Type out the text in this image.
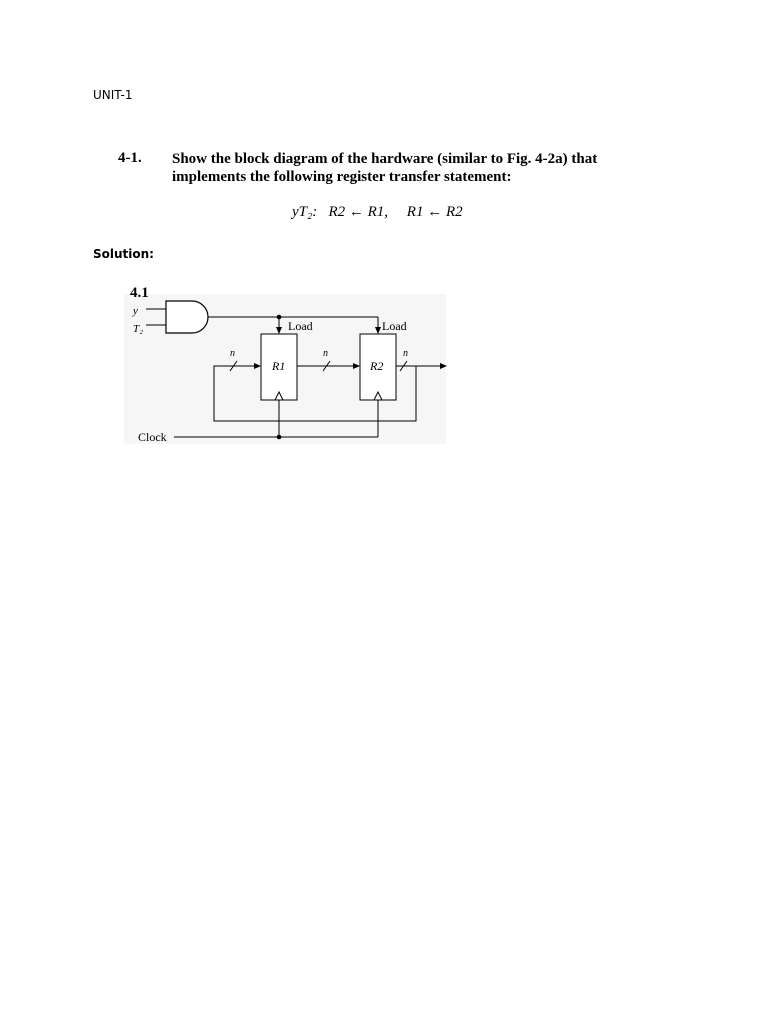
UNIT-1
4-1. Show the block diagram of the hardware (similar to Fig. 4-2a) that implements the following register transfer statement:
yT₂:   R2 ← R1,     R1 ← R2
Solution:
4.1
y
T₂	Load	Load
R1	R2
n	n
n
Clock
